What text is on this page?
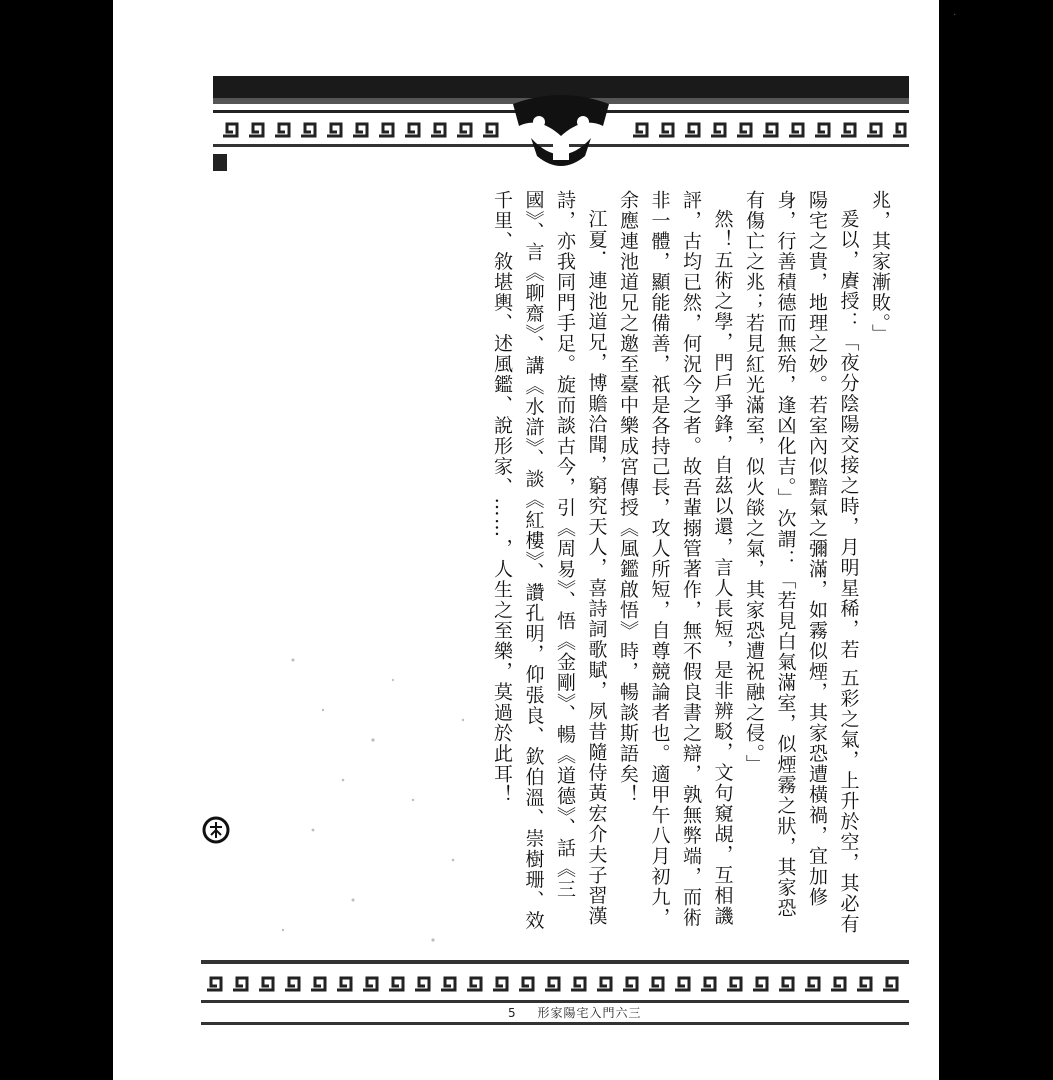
·

兆，其家漸敗。」

爰以，賡授：「夜分陰陽交接之時，月明星稀，若 五彩之氣，上升於空，其必有陽宅之貴，地理之妙。若室內似黯氣之彌滿，如霧似煙，其家恐遭橫禍，宜加修身，行善積德而無殆，逢凶化吉。」次謂：「若見白氣滿室，似煙霧之狀，其家恐有傷亡之兆；若見紅光滿室，似火燄之氣，其家恐遭祝融之侵。」

然！五術之學，門戶爭鋒，自茲以還，言人長短，是非辨駁，文句窺覘，互相譏評，古均已然，何況今之者。故吾輩搦管著作，無不假良書之辯，孰無弊端，而術非一體，顯能備善，祇是各持己長，攻人所短，自尊競論者也。適甲午八月初九，余應連池道兄之邀至臺中樂成宮傳授《風鑑啟悟》時，暢談斯語矣！

江夏．連池道兄，博贍洽聞，窮究天人，喜詩詞歌賦，夙昔隨侍黃宏介夫子習漢詩，亦我同門手足。旋而談古今，引《周易》、悟《金剛》、暢《道德》、話《三國》、言《聊齋》、講《水滸》、談《紅樓》、讚孔明，仰張良、欽伯溫、崇樹珊、效千里、敘堪輿、述風鑑、說形家、……，人生之至樂，莫過於此耳！

5 形家陽宅入門六三
